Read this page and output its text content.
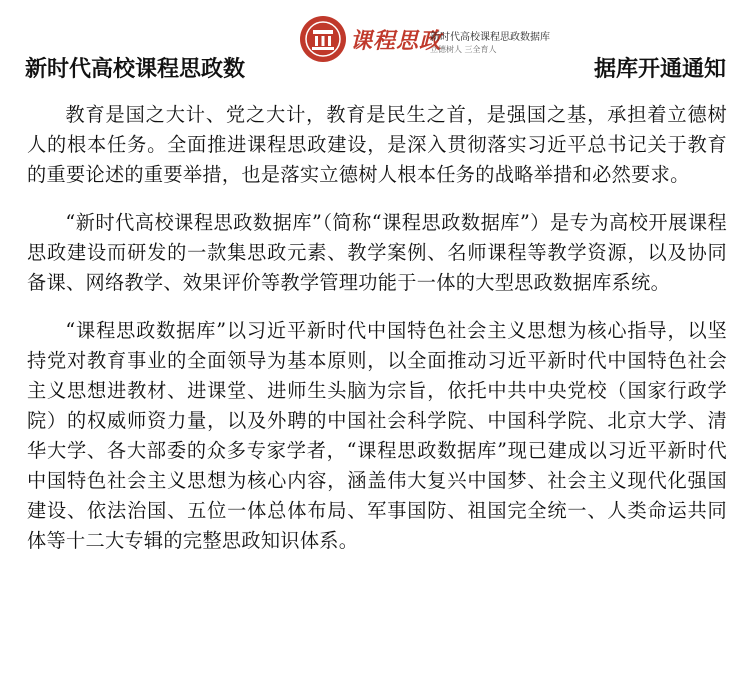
新时代高校课程思政数
课程思政
新时代高校课程思政数据库
立德树人 三全育人
据库开通通知

教育是国之大计、党之大计，教育是民生之首，是强国之基，承担着立德树人的根本任务。全面推进课程思政建设，是深入贯彻落实习近平总书记关于教育的重要论述的重要举措，也是落实立德树人根本任务的战略举措和必然要求。

“新时代高校课程思政数据库”（简称“课程思政数据库”）是专为高校开展课程思政建设而研发的一款集思政元素、教学案例、名师课程等教学资源，以及协同备课、网络教学、效果评价等教学管理功能于一体的大型思政数据库系统。

“课程思政数据库”以习近平新时代中国特色社会主义思想为核心指导，以坚持党对教育事业的全面领导为基本原则，以全面推动习近平新时代中国特色社会主义思想进教材、进课堂、进师生头脑为宗旨，依托中共中央党校（国家行政学院）的权威师资力量，以及外聘的中国社会科学院、中国科学院、北京大学、清华大学、各大部委的众多专家学者，“课程思政数据库”现已建成以习近平新时代中国特色社会主义思想为核心内容，涵盖伟大复兴中国梦、社会主义现代化强国建设、依法治国、五位一体总体布局、军事国防、祖国完全统一、人类命运共同体等十二大专辑的完整思政知识体系。
